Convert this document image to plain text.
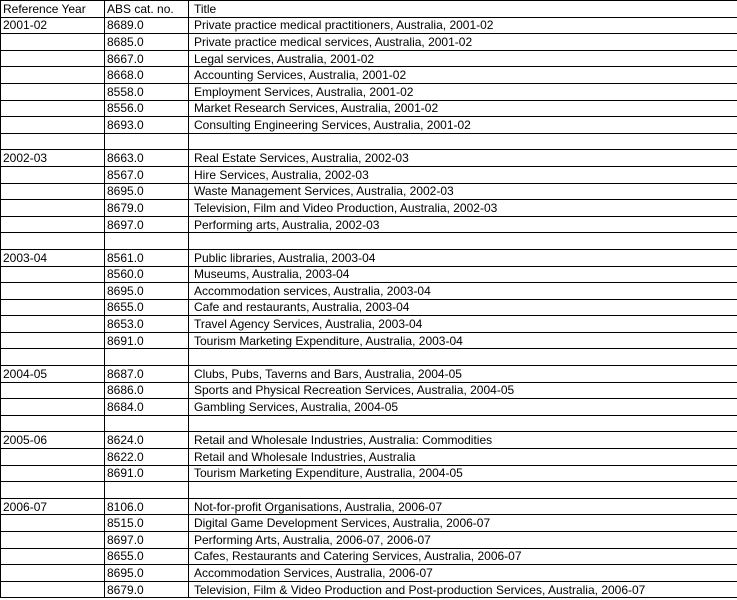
Reference Year	ABS cat. no.	Title
2001-02	8689.0	Private practice medical practitioners, Australia, 2001-02
	8685.0	Private practice medical services, Australia, 2001-02
	8667.0	Legal services, Australia, 2001-02
	8668.0	Accounting Services, Australia, 2001-02
	8558.0	Employment Services, Australia, 2001-02
	8556.0	Market Research Services, Australia, 2001-02
	8693.0	Consulting Engineering Services, Australia, 2001-02

2002-03	8663.0	Real Estate Services, Australia, 2002-03
	8567.0	Hire Services, Australia, 2002-03
	8695.0	Waste Management Services, Australia, 2002-03
	8679.0	Television, Film and Video Production, Australia, 2002-03
	8697.0	Performing arts, Australia, 2002-03

2003-04	8561.0	Public libraries, Australia, 2003-04
	8560.0	Museums, Australia, 2003-04
	8695.0	Accommodation services, Australia, 2003-04
	8655.0	Cafe and restaurants, Australia, 2003-04
	8653.0	Travel Agency Services, Australia, 2003-04
	8691.0	Tourism Marketing Expenditure, Australia, 2003-04

2004-05	8687.0	Clubs, Pubs, Taverns and Bars, Australia, 2004-05
	8686.0	Sports and Physical Recreation Services, Australia, 2004-05
	8684.0	Gambling Services, Australia, 2004-05

2005-06	8624.0	Retail and Wholesale Industries, Australia: Commodities
	8622.0	Retail and Wholesale Industries, Australia
	8691.0	Tourism Marketing Expenditure, Australia, 2004-05

2006-07	8106.0	Not-for-profit Organisations, Australia, 2006-07
	8515.0	Digital Game Development Services, Australia, 2006-07
	8697.0	Performing Arts, Australia, 2006-07, 2006-07
	8655.0	Cafes, Restaurants and Catering Services, Australia, 2006-07
	8695.0	Accommodation Services, Australia, 2006-07
	8679.0	Television, Film & Video Production and Post-production Services, Australia, 2006-07
